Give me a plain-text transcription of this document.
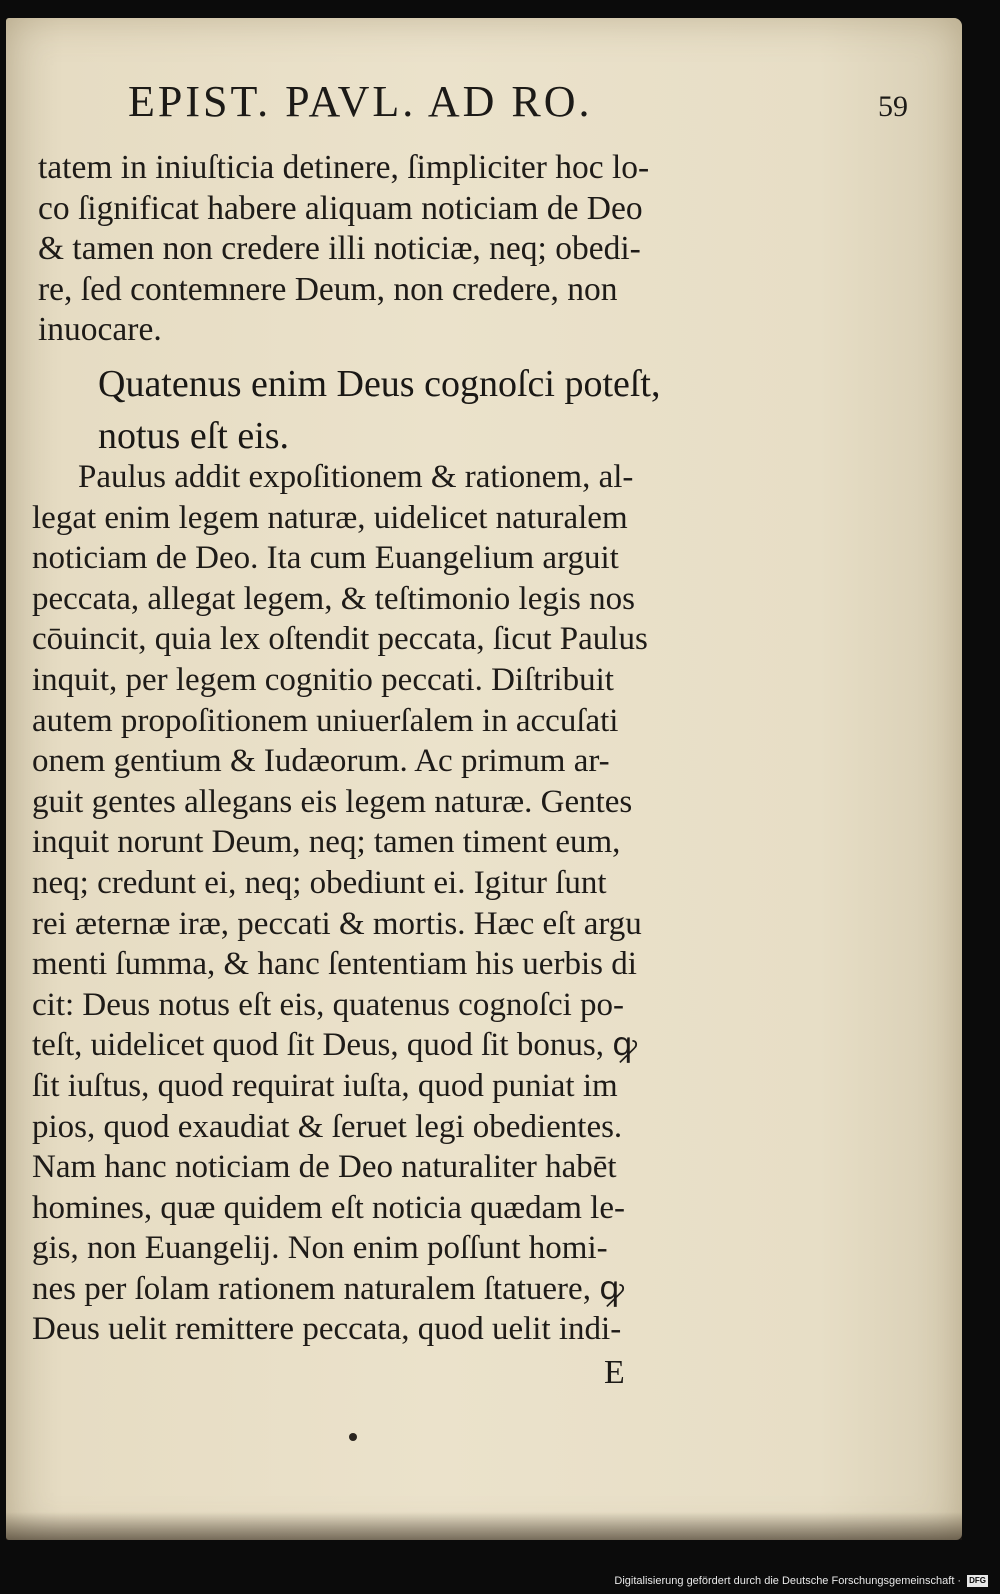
EPIST. PAVL. AD RO.	59
tatem in iniuſticia detinere, ſimpliciter hoc lo-
co ſignificat habere aliquam noticiam de Deo
& tamen non credere illi noticiæ, neq; obedi-
re, ſed contemnere Deum, non credere, non
inuocare.
Quatenus enim Deus cognoſci poteſt,
notus eſt eis.
Paulus addit expoſitionem & rationem, al-
legat enim legem naturæ, uidelicet naturalem
noticiam de Deo. Ita cum Euangelium arguit
peccata, allegat legem, & teſtimonio legis nos
cōuincit, quia lex oſtendit peccata, ſicut Paulus
inquit, per legem cognitio peccati. Diſtribuit
autem propoſitionem uniuerſalem in accuſati
onem gentium & Iudæorum. Ac primum ar-
guit gentes allegans eis legem naturæ. Gentes
inquit norunt Deum, neq; tamen timent eum,
neq; credunt ei, neq; obediunt ei. Igitur ſunt
rei æternæ iræ, peccati & mortis. Hæc eſt argu
menti ſumma, & hanc ſententiam his uerbis di
cit: Deus notus eſt eis, quatenus cognoſci po-
teſt, uidelicet quod ſit Deus, quod ſit bonus, ꝙ
ſit iuſtus, quod requirat iuſta, quod puniat im
pios, quod exaudiat & ſeruet legi obedientes.
Nam hanc noticiam de Deo naturaliter habēt
homines, quæ quidem eſt noticia quædam le-
gis, non Euangelij. Non enim poſſunt homi-
nes per ſolam rationem naturalem ſtatuere, ꝙ
Deus uelit remittere peccata, quod uelit indi-
E
Digitalisierung gefördert durch die Deutsche Forschungsgemeinschaft · DFG
